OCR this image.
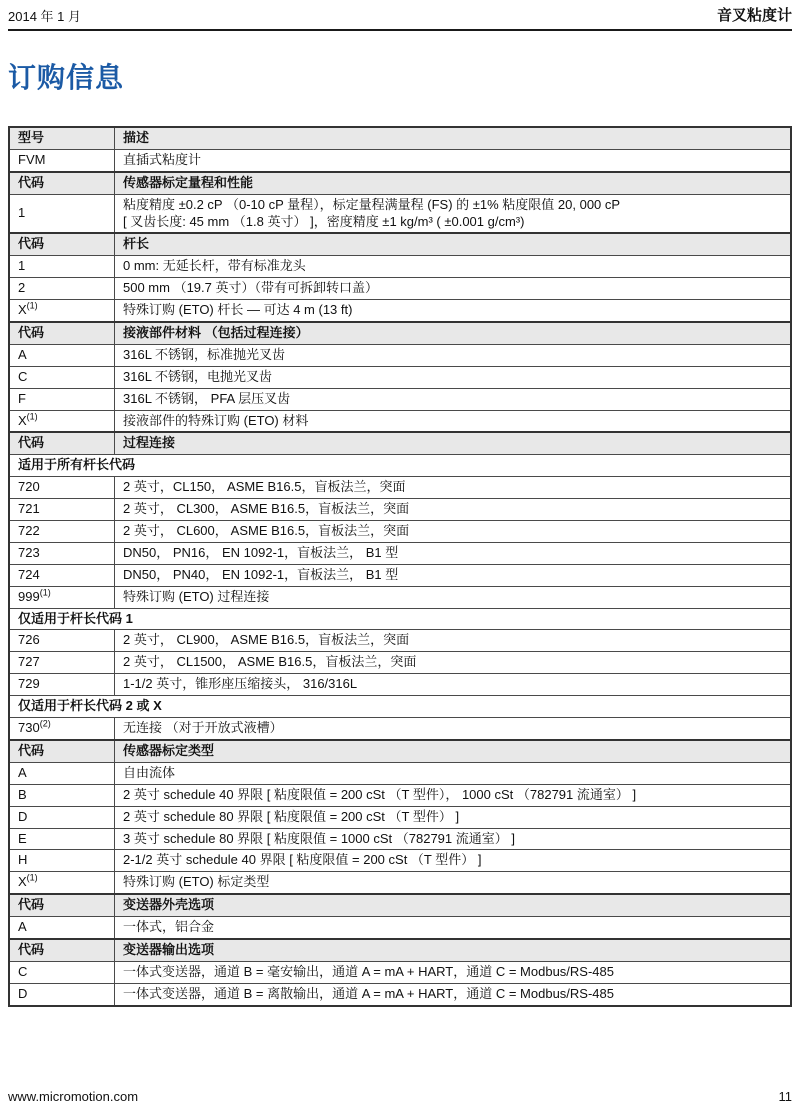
2014 年 1 月	音叉粘度计
订购信息
型号	描述
FVM	直插式粘度计
代码	传感器标定量程和性能
1	粘度精度 ±0.2 cP （0-10 cP 量程），标定量程满量程 (FS) 的 ±1% 粘度限值 20, 000 cP
[ 叉齿长度: 45 mm （1.8 英寸） ]，密度精度 ±1 kg/m³ ( ±0.001 g/cm³)
代码	杆长
1	0 mm: 无延长杆，带有标准龙头
2	500 mm （19.7 英寸）（带有可拆卸转口盖）
X$^{(1)}$	特殊订购 (ETO) 杆长 — 可达 4 m (13 ft)
代码	接液部件材料 （包括过程连接）
A	316L 不锈钢，标准抛光叉齿
C	316L 不锈钢，电抛光叉齿
F	316L 不锈钢， PFA 层压叉齿
X$^{(1)}$	接液部件的特殊订购 (ETO) 材料
代码	过程连接
适用于所有杆长代码	
720	2 英寸，CL150， ASME B16.5，盲板法兰，突面
721	2 英寸， CL300， ASME B16.5，盲板法兰，突面
722	2 英寸， CL600， ASME B16.5，盲板法兰，突面
723	DN50， PN16， EN 1092-1，盲板法兰， B1 型
724	DN50， PN40， EN 1092-1，盲板法兰， B1 型
999$^{(1)}$	特殊订购 (ETO) 过程连接
仅适用于杆长代码 1	
726	2 英寸， CL900， ASME B16.5，盲板法兰，突面
727	2 英寸， CL1500， ASME B16.5，盲板法兰，突面
729	1-1/2 英寸，锥形座压缩接头， 316/316L
仅适用于杆长代码 2 或 X	
730$^{(2)}$	无连接 （对于开放式液槽）
代码	传感器标定类型
A	自由流体
B	2 英寸 schedule 40 界限 [ 粘度限值 = 200 cSt （T 型件）， 1000 cSt （782791 流通室） ]
D	2 英寸 schedule 80 界限 [ 粘度限值 = 200 cSt （T 型件） ]
E	3 英寸 schedule 80 界限 [ 粘度限值 = 1000 cSt （782791 流通室） ]
H	2-1/2 英寸 schedule 40 界限 [ 粘度限值 = 200 cSt （T 型件） ]
X$^{(1)}$	特殊订购 (ETO) 标定类型
代码	变送器外壳选项
A	一体式，铝合金
代码	变送器输出选项
C	一体式变送器，通道 B = 毫安输出，通道 A = mA + HART，通道 C = Modbus/RS-485
D	一体式变送器，通道 B = 离散输出，通道 A = mA + HART，通道 C = Modbus/RS-485
www.micromotion.com	11
